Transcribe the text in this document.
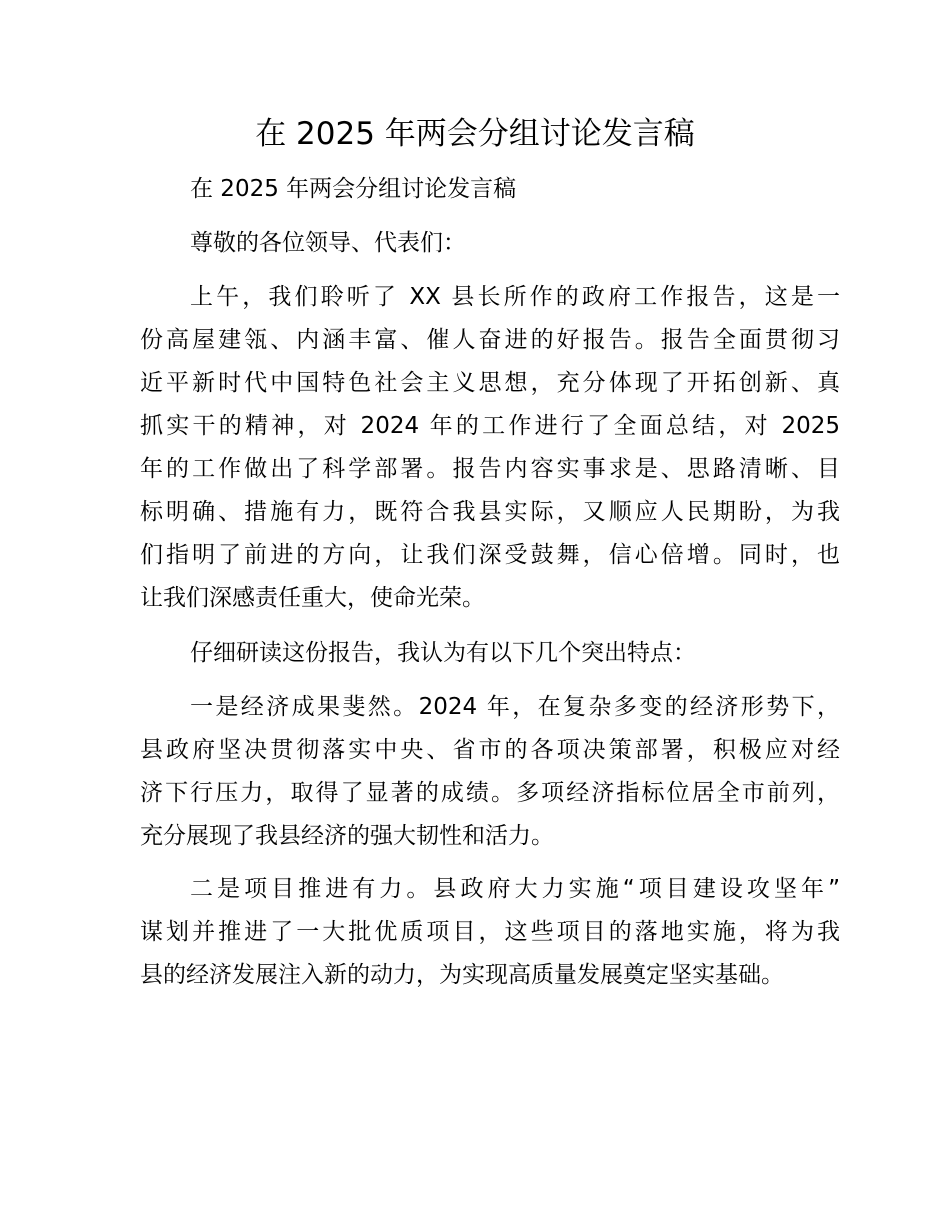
在 2025 年两会分组讨论发言稿
在 2025 年两会分组讨论发言稿
尊敬的各位领导、代表们：
上午，我们聆听了 XX 县长所作的政府工作报告，这是一
份高屋建瓴、内涵丰富、催人奋进的好报告。报告全面贯彻习
近平新时代中国特色社会主义思想，充分体现了开拓创新、真
抓实干的精神，对 2024 年的工作进行了全面总结，对 2025
年的工作做出了科学部署。报告内容实事求是、思路清晰、目
标明确、措施有力，既符合我县实际，又顺应人民期盼，为我
们指明了前进的方向，让我们深受鼓舞，信心倍增。同时，也
让我们深感责任重大，使命光荣。
仔细研读这份报告，我认为有以下几个突出特点：
一是经济成果斐然。2024 年，在复杂多变的经济形势下，
县政府坚决贯彻落实中央、省市的各项决策部署，积极应对经
济下行压力，取得了显著的成绩。多项经济指标位居全市前列，
充分展现了我县经济的强大韧性和活力。
二是项目推进有力。县政府大力实施“项目建设攻坚年”
谋划并推进了一大批优质项目，这些项目的落地实施，将为我
县的经济发展注入新的动力，为实现高质量发展奠定坚实基础。
